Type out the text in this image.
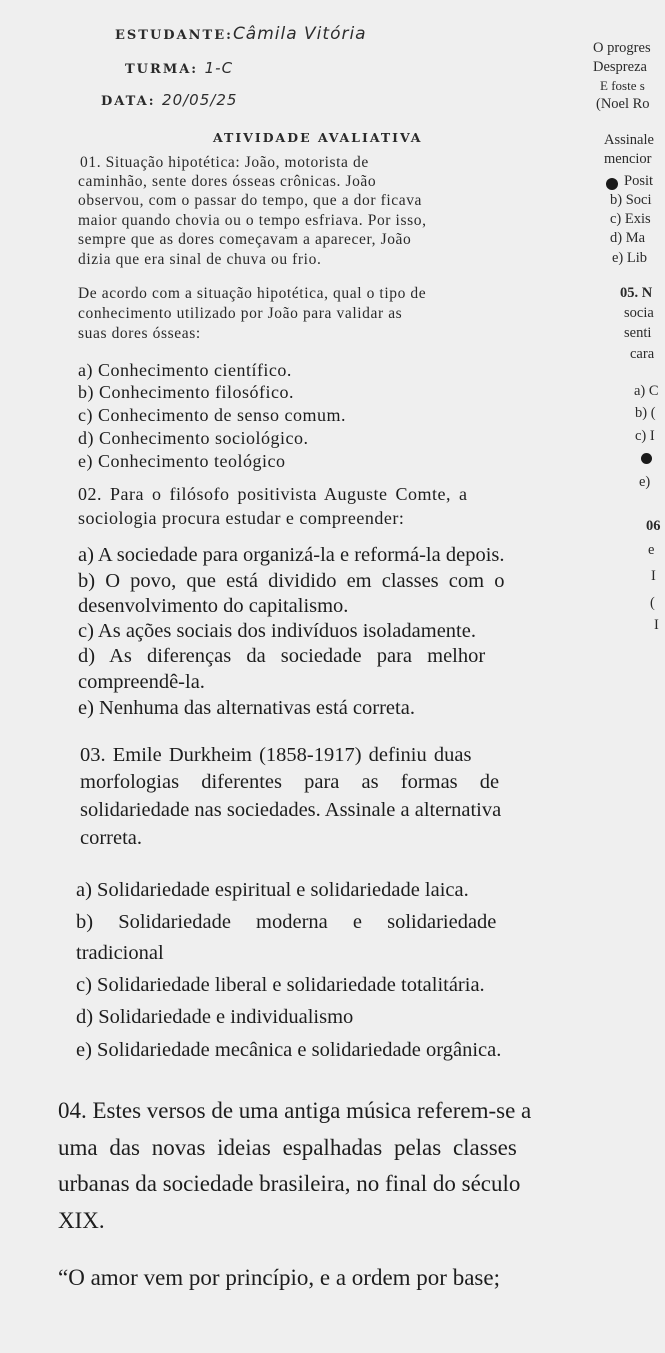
ESTUDANTE:Câmila Vitória
TURMA: 1-C
DATA: 20/05/25
ATIVIDADE AVALIATIVA
01. Situação hipotética: João, motorista de
caminhão, sente dores ósseas crônicas. João
observou, com o passar do tempo, que a dor ficava
maior quando chovia ou o tempo esfriava. Por isso,
sempre que as dores começavam a aparecer, João
dizia que era sinal de chuva ou frio.
De acordo com a situação hipotética, qual o tipo de
conhecimento utilizado por João para validar as
suas dores ósseas:
a) Conhecimento científico.
b) Conhecimento filosófico.
c) Conhecimento de senso comum.
d) Conhecimento sociológico.
e) Conhecimento teológico
02. Para o filósofo positivista Auguste Comte, a
sociologia procura estudar e compreender:
a) A sociedade para organizá-la e reformá-la depois.
b) O povo, que está dividido em classes com o
desenvolvimento do capitalismo.
c) As ações sociais dos indivíduos isoladamente.
d) As diferenças da sociedade para melhor
compreendê-la.
e) Nenhuma das alternativas está correta.
03. Emile Durkheim (1858-1917) definiu duas
morfologias diferentes para as formas de
solidariedade nas sociedades. Assinale a alternativa
correta.
a) Solidariedade espiritual e solidariedade laica.
b) Solidariedade moderna e solidariedade
tradicional
c) Solidariedade liberal e solidariedade totalitária.
d) Solidariedade e individualismo
e) Solidariedade mecânica e solidariedade orgânica.
04. Estes versos de uma antiga música referem-se a
uma das novas ideias espalhadas pelas classes
urbanas da sociedade brasileira, no final do século
XIX.
“O amor vem por princípio, e a ordem por base;
O progres
Despreza
E foste s
(Noel Ro
Assinale
mencior
Posit
b) Soci
c) Exis
d) Ma
e) Lib
05. N
socia
senti
cara
a) C
b) (
c) I
e)
06
e
I
(
I
